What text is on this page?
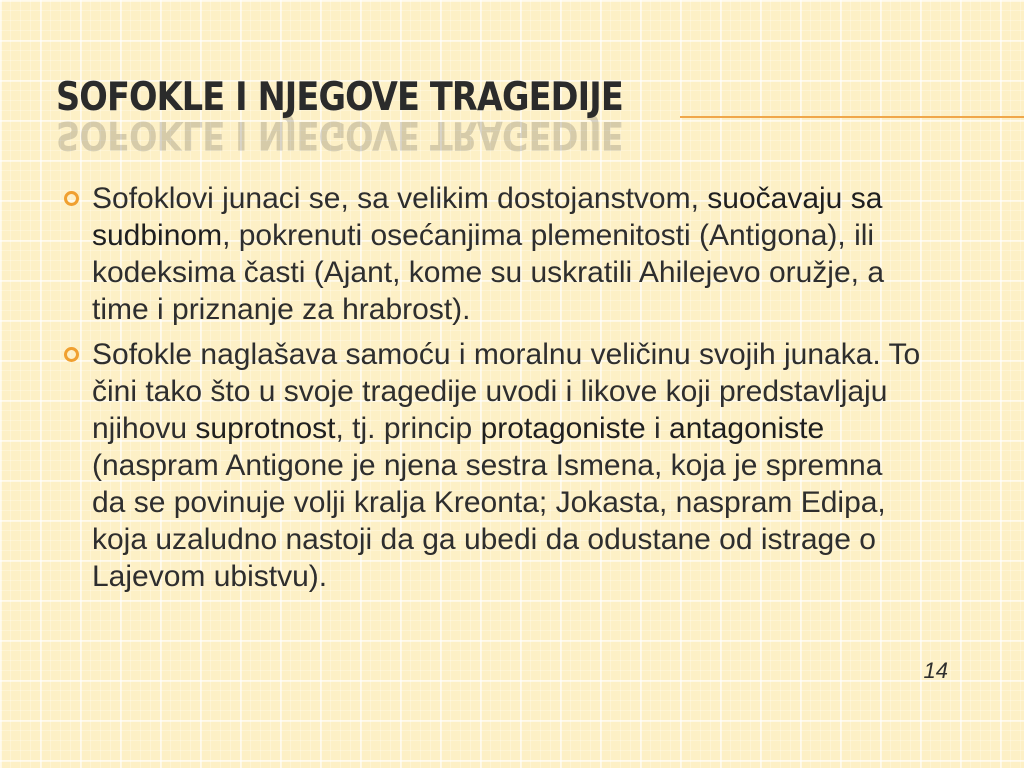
SOFOKLE I NJEGOVE TRAGEDIJE
SOFOKLE I NJEGOVE TRAGEDIJE
Sofoklovi junaci se, sa velikim dostojanstvom, suočavaju sa sudbinom, pokrenuti osećanjima plemenitosti (Antigona), ili kodeksima časti (Ajant, kome su uskratili Ahilejevo oružje, a time i priznanje za hrabrost).
Sofokle naglašava samoću i moralnu veličinu svojih junaka. To čini tako što u svoje tragedije uvodi i likove koji predstavljaju njihovu suprotnost, tj. princip protagoniste i antagoniste (naspram Antigone je njena sestra Ismena, koja je spremna da se povinuje volji kralja Kreonta; Jokasta, naspram Edipa, koja uzaludno nastoji da ga ubedi da odustane od istrage o Lajevom ubistvu).
14
